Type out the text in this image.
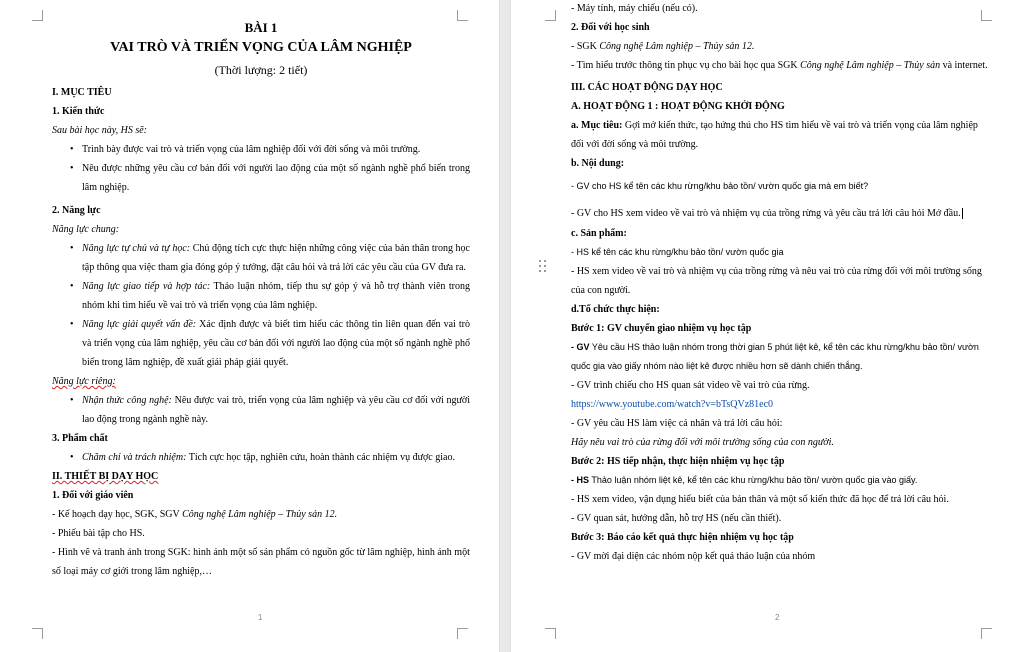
BÀI 1

VAI TRÒ VÀ TRIỂN VỌNG CỦA LÂM NGHIỆP

(Thời lượng: 2 tiết)

I. MỤC TIÊU

1. Kiến thức

Sau bài học này, HS sẽ:

• Trình bày được vai trò và triển vọng của lâm nghiệp đối với đời sống và môi trường.
• Nêu được những yêu cầu cơ bản đối với người lao động của một số ngành nghề phổ biến trong lâm nghiệp.

2. Năng lực

Năng lực chung:

• Năng lực tự chủ và tự học: Chủ động tích cực thực hiện những công việc của bản thân trong học tập thông qua việc tham gia đóng góp ý tưởng, đặt câu hỏi và trả lời các yêu cầu của GV đưa ra.
• Năng lực giao tiếp và hợp tác: Thảo luận nhóm, tiếp thu sự góp ý và hỗ trợ thành viên trong nhóm khi tìm hiểu về vai trò và triển vọng của lâm nghiệp.
• Năng lực giải quyết vấn đề: Xác định được và biết tìm hiểu các thông tin liên quan đến vai trò và triển vọng của lâm nghiệp, yêu cầu cơ bản đối với người lao động của một số ngành nghề phổ biến trong lâm nghiệp, đề xuất giải pháp giải quyết.

Năng lực riêng:

• Nhận thức công nghệ: Nêu được vai trò, triển vọng của lâm nghiệp và yêu cầu cơ đối với người lao động trong ngành nghề này.

3. Phẩm chất

• Chăm chỉ và trách nhiệm: Tích cực học tập, nghiên cứu, hoàn thành các nhiệm vụ được giao.

II. THIẾT BỊ DẠY HỌC

1. Đối với giáo viên

- Kế hoạch dạy học, SGK, SGV Công nghệ Lâm nghiệp – Thủy sản 12.

- Phiếu bài tập cho HS.

- Hình vẽ và tranh ảnh trong SGK: hình ảnh một số sản phẩm có nguồn gốc từ lâm nghiệp, hình ảnh một số loại máy cơ giới trong lâm nghiệp,…

1

- Máy tính, máy chiếu (nếu có).

2. Đối với học sinh

- SGK Công nghệ Lâm nghiệp – Thủy sản 12.

- Tìm hiểu trước thông tin phục vụ cho bài học qua SGK Công nghệ Lâm nghiệp – Thủy sản và internet.

III. CÁC HOẠT ĐỘNG DẠY HỌC

A. HOẠT ĐỘNG 1 : HOẠT ĐỘNG KHỞI ĐỘNG

a. Mục tiêu: Gợi mở kiến thức, tạo hứng thú cho HS tìm hiểu về vai trò và triển vọng của lâm nghiệp đối với đời sống và môi trường.

b. Nội dung:

- GV cho HS kể tên các khu rừng/khu bảo tồn/ vườn quốc gia mà em biết?

- GV cho HS xem video về vai trò và nhiệm vụ của trồng rừng và yêu cầu trả lời câu hỏi Mở đầu.

c. Sản phẩm:

- HS kể tên các khu rừng/khu bảo tồn/ vườn quốc gia

- HS xem video về vai trò và nhiệm vụ của trồng rừng và nêu vai trò của rừng đối với môi trường sống của con người.

d.Tổ chức thực hiện:

Bước 1: GV chuyển giao nhiệm vụ học tập

- GV Yêu cầu HS thảo luận nhóm trong thời gian 5 phút liệt kê, kể tên các khu rừng/khu bảo tồn/ vườn quốc gia vào giấy nhóm nào liệt kê được nhiều hơn sẽ dành chiến thắng.

- GV trình chiếu cho HS quan sát video về vai trò của rừng.

https://www.youtube.com/watch?v=bTsQVz81ec0

- GV yêu cầu HS làm việc cá nhân và trả lời câu hỏi:

Hãy nêu vai trò của rừng đối với môi trường sống của con người.

Bước 2: HS tiếp nhận, thực hiện nhiệm vụ học tập

- HS Thảo luận nhóm liệt kê, kể tên các khu rừng/khu bảo tồn/ vườn quốc gia vào giấy.

- HS xem video, vận dụng hiểu biết của bản thân và một số kiến thức đã học để trả lời câu hỏi.

- GV quan sát, hướng dẫn, hỗ trợ HS (nếu cần thiết).

Bước 3: Báo cáo kết quả thực hiện nhiệm vụ học tập

- GV mời đại diện các nhóm nộp kết quả thảo luận của nhóm

2
